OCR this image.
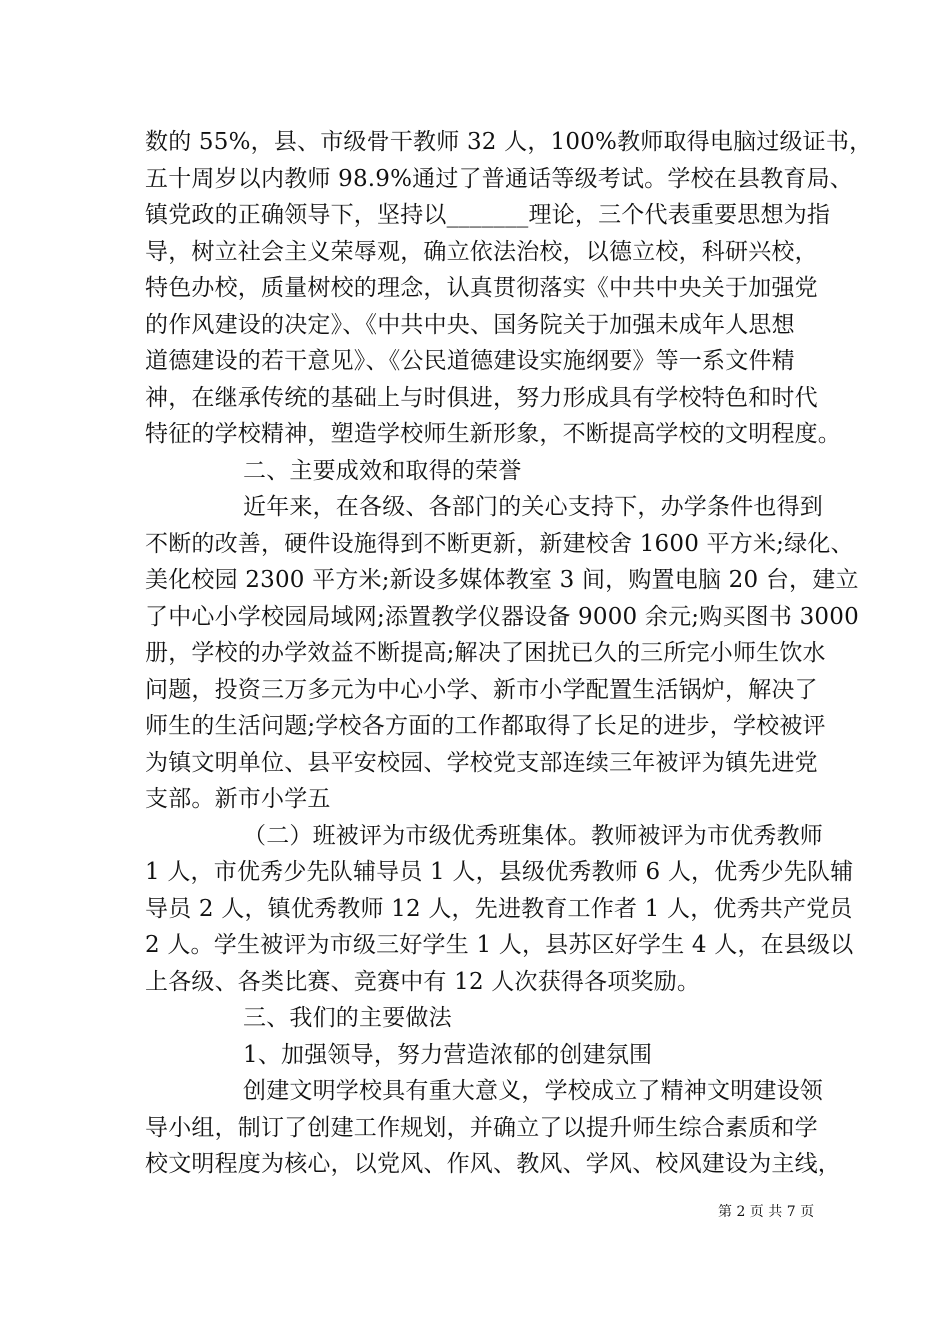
数的 55%，县、市级骨干教师 32 人，100%教师取得电脑过级证书，
五十周岁以内教师 98.9%通过了普通话等级考试。学校在县教育局、
镇党政的正确领导下，坚持以_______理论，三个代表重要思想为指
导，树立社会主义荣辱观，确立依法治校，以德立校，科研兴校，
特色办校，质量树校的理念，认真贯彻落实《中共中央关于加强党
的作风建设的决定》、《中共中央、国务院关于加强未成年人思想
道德建设的若干意见》、《公民道德建设实施纲要》等一系文件精
神，在继承传统的基础上与时俱进，努力形成具有学校特色和时代
特征的学校精神，塑造学校师生新形象，不断提高学校的文明程度。
二、主要成效和取得的荣誉
近年来，在各级、各部门的关心支持下，办学条件也得到
不断的改善，硬件设施得到不断更新，新建校舍 1600 平方米;绿化、
美化校园 2300 平方米;新设多媒体教室 3 间，购置电脑 20 台，建立
了中心小学校园局域网;添置教学仪器设备 9000 余元;购买图书 3000
册，学校的办学效益不断提高;解决了困扰已久的三所完小师生饮水
问题，投资三万多元为中心小学、新市小学配置生活锅炉，解决了
师生的生活问题;学校各方面的工作都取得了长足的进步，学校被评
为镇文明单位、县平安校园、学校党支部连续三年被评为镇先进党
支部。新市小学五
（二）班被评为市级优秀班集体。教师被评为市优秀教师
1 人，市优秀少先队辅导员 1 人，县级优秀教师 6 人，优秀少先队辅
导员 2 人，镇优秀教师 12 人，先进教育工作者 1 人，优秀共产党员
2 人。学生被评为市级三好学生 1 人，县苏区好学生 4 人，在县级以
上各级、各类比赛、竞赛中有 12 人次获得各项奖励。
三、我们的主要做法
1、加强领导，努力营造浓郁的创建氛围
创建文明学校具有重大意义，学校成立了精神文明建设领
导小组，制订了创建工作规划，并确立了以提升师生综合素质和学
校文明程度为核心，以党风、作风、教风、学风、校风建设为主线，
第 2 页 共 7 页
